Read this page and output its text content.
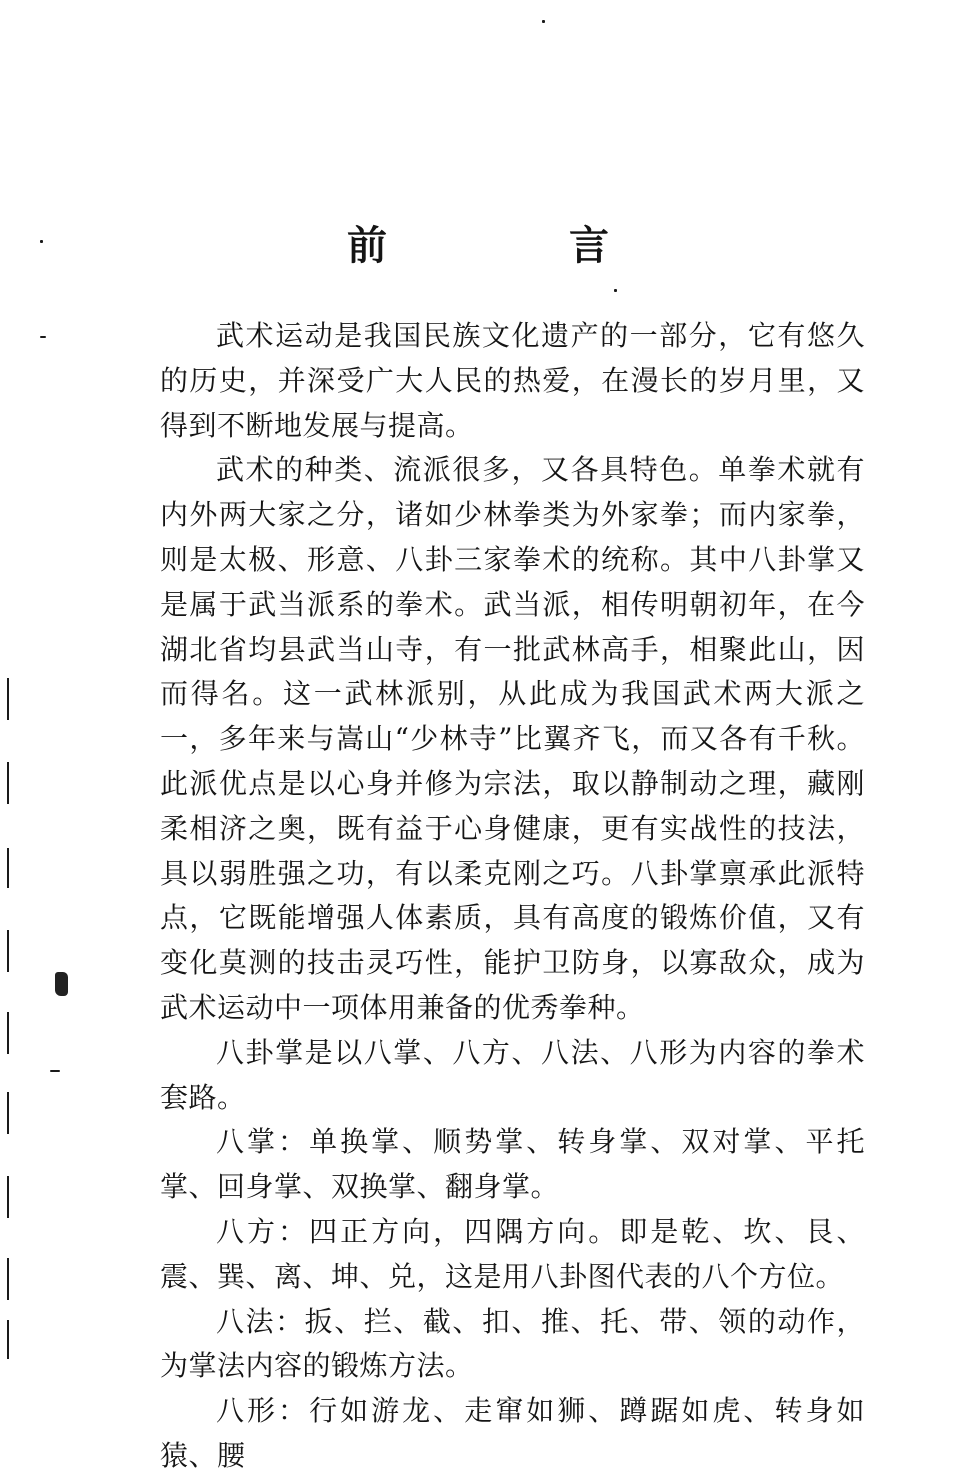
前 言

武术运动是我国民族文化遗产的一部分，它有悠久的历史，并深受广大人民的热爱，在漫长的岁月里，又得到不断地发展与提高。

武术的种类、流派很多，又各具特色。单拳术就有内外两大家之分，诸如少林拳类为外家拳；而内家拳，则是太极、形意、八卦三家拳术的统称。其中八卦掌又是属于武当派系的拳术。武当派，相传明朝初年，在今湖北省均县武当山寺，有一批武林高手，相聚此山，因而得名。这一武林派别，从此成为我国武术两大派之一，多年来与嵩山“少林寺”比翼齐飞，而又各有千秋。此派优点是以心身并修为宗法，取以静制动之理，藏刚柔相济之奥，既有益于心身健康，更有实战性的技法，具以弱胜强之功，有以柔克刚之巧。八卦掌禀承此派特点，它既能增强人体素质，具有高度的锻炼价值，又有变化莫测的技击灵巧性，能护卫防身，以寡敌众，成为武术运动中一项体用兼备的优秀拳种。

八卦掌是以八掌、八方、八法、八形为内容的拳术套路。

八掌：单换掌、顺势掌、转身掌、双对掌、平托掌、回身掌、双换掌、翻身掌。

八方：四正方向，四隅方向。即是乾、坎、艮、震、巽、离、坤、兑，这是用八卦图代表的八个方位。

八法：扳、拦、截、扣、推、托、带、领的动作，为掌法内容的锻炼方法。

八形：行如游龙、走窜如狮、蹲踞如虎、转身如猿、腰
